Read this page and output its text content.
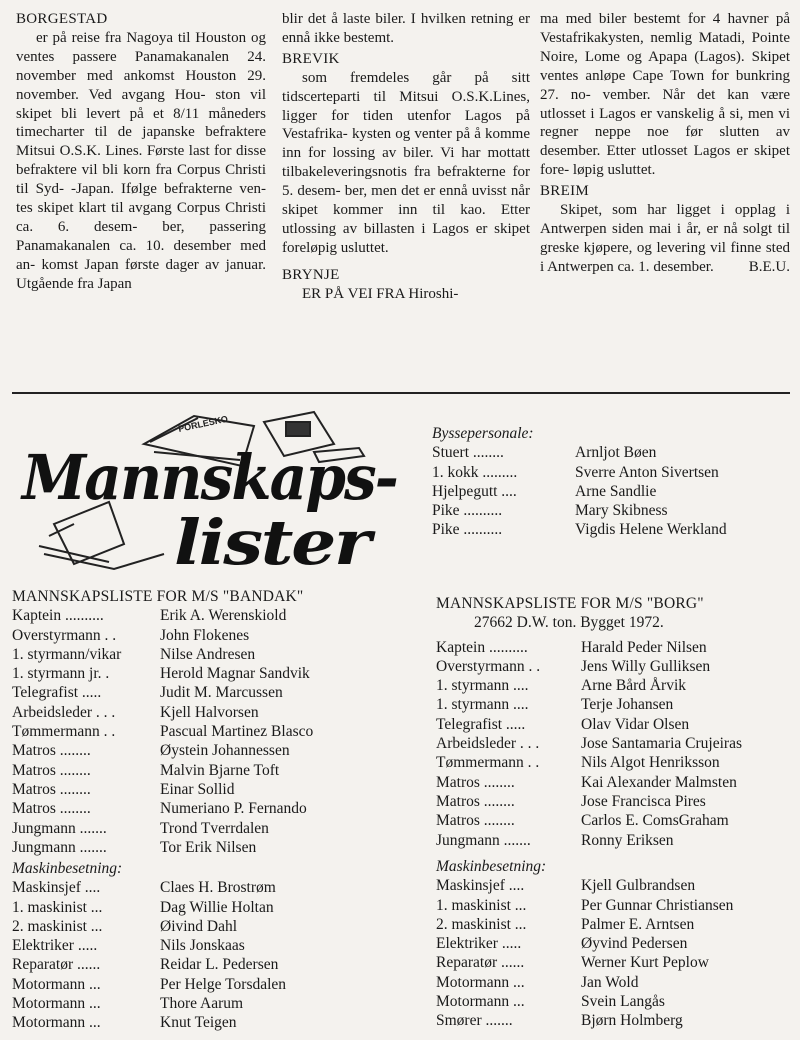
BORGESTAD

er på reise fra Nagoya til Houston og ventes passere Panamakanalen 24. november med ankomst Houston 29. november. Ved avgang Hou- ston vil skipet bli levert på et 8/11 måneders timecharter til de japanske befraktere Mitsui O.S.K. Lines. Første last for disse befraktere vil bli korn fra Corpus Christi til Syd- -Japan. Ifølge befrakterne ven- tes skipet klart til avgang Corpus Christi ca. 6. desem- ber, passering Panamakanalen ca. 10. desember med an- komst Japan første dager av januar. Utgående fra Japan

blir det å laste biler. I hvilken retning er ennå ikke bestemt.

BREVIK

som fremdeles går på sitt tidscerteparti til Mitsui O.S.K.Lines, ligger for tiden utenfor Lagos på Vestafrika- kysten og venter på å komme inn for lossing av biler. Vi har mottatt tilbakeleveringsnotis fra befrakterne for 5. desem- ber, men det er ennå uvisst når skipet kommer inn til kao. Etter utlossing av billasten i Lagos er skipet foreløpig usluttet.

BRYNJE

ER PÅ VEI FRA Hiroshi-

ma med biler bestemt for 4 havner på Vestafrikakysten, nemlig Matadi, Pointe Noire, Lome og Apapa (Lagos). Skipet ventes anløpe Cape Town for bunkring 27. no- vember. Når det kan være utlosset i Lagos er vanskelig å si, men vi regner neppe noe før slutten av desember. Etter utlosset Lagos er skipet fore- løpig usluttet.

BREIM

Skipet, som har ligget i opplag i Antwerpen siden mai i år, er nå solgt til greske kjøpere, og levering vil finne sted i Antwerpen ca. 1. desember.	B.E.U.
PORLESKO
Mannskaps-
lister
Byssepersonale:
Stuert ........	Arnljot Bøen
1. kokk .........	Sverre Anton Sivertsen
Hjelpegutt ....	Arne Sandlie
Pike ..........	Mary Skibness
Pike ..........	Vigdis Helene Werkland
MANNSKAPSLISTE FOR M/S "BANDAK"
Kaptein ..........	Erik A. Werenskiold
Overstyrmann . .	John Flokenes
1. styrmann/vikar	Nilse Andresen
1. styrmann jr. .	Herold Magnar Sandvik
Telegrafist .....	Judit M. Marcussen
Arbeidsleder . . .	Kjell Halvorsen
Tømmermann . .	Pascual Martinez Blasco
Matros ........	Øystein Johannessen
Matros ........	Malvin Bjarne Toft
Matros ........	Einar Sollid
Matros ........	Numeriano P. Fernando
Jungmann .......	Trond Tverrdalen
Jungmann .......	Tor Erik Nilsen
Maskinbesetning:
Maskinsjef ....	Claes H. Brostrøm
1. maskinist ...	Dag Willie Holtan
2. maskinist ...	Øivind Dahl
Elektriker .....	Nils Jonskaas
Reparatør ......	Reidar L. Pedersen
Motormann ...	Per Helge Torsdalen
Motormann ...	Thore Aarum
Motormann ...	Knut Teigen
MANNSKAPSLISTE FOR M/S "BORG"
27662 D.W. ton. Bygget 1972.
Kaptein ..........	Harald Peder Nilsen
Overstyrmann . .	Jens Willy Gulliksen
1. styrmann ....	Arne Bård Årvik
1. styrmann ....	Terje Johansen
Telegrafist .....	Olav Vidar Olsen
Arbeidsleder . . .	Jose Santamaria Crujeiras
Tømmermann . .	Nils Algot Henriksson
Matros ........	Kai Alexander Malmsten
Matros ........	Jose Francisca Pires
Matros ........	Carlos E. ComsGraham
Jungmann .......	Ronny Eriksen
Maskinbesetning:
Maskinsjef ....	Kjell Gulbrandsen
1. maskinist ...	Per Gunnar Christiansen
2. maskinist ...	Palmer E. Arntsen
Elektriker .....	Øyvind Pedersen
Reparatør ......	Werner Kurt Peplow
Motormann ...	Jan Wold
Motormann ...	Svein Langås
Smører .......	Bjørn Holmberg
